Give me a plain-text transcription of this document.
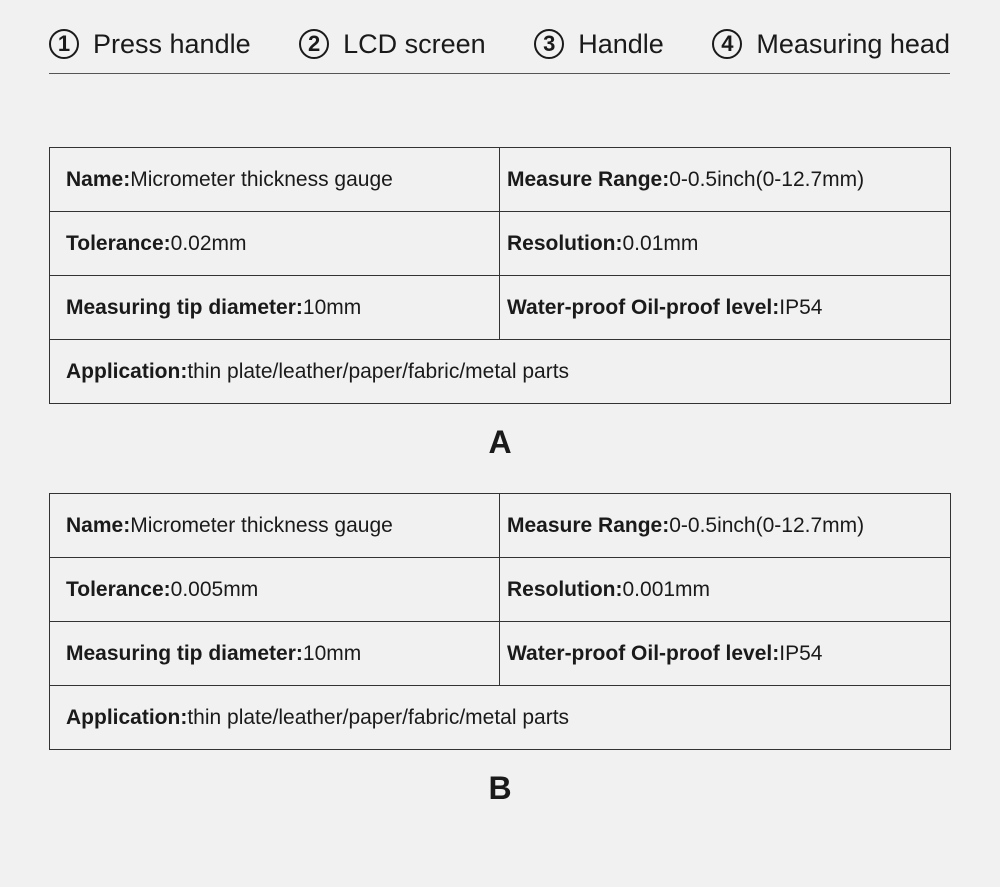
1 Press handle	2 LCD screen	3 Handle	4 Measuring head
Name:Micrometer thickness gauge	Measure Range:0-0.5inch(0-12.7mm)
Tolerance:0.02mm	Resolution:0.01mm
Measuring tip diameter:10mm	Water-proof Oil-proof level:IP54
Application:thin plate/leather/paper/fabric/metal parts	
A
Name:Micrometer thickness gauge	Measure Range:0-0.5inch(0-12.7mm)
Tolerance:0.005mm	Resolution:0.001mm
Measuring tip diameter:10mm	Water-proof Oil-proof level:IP54
Application:thin plate/leather/paper/fabric/metal parts	
B
